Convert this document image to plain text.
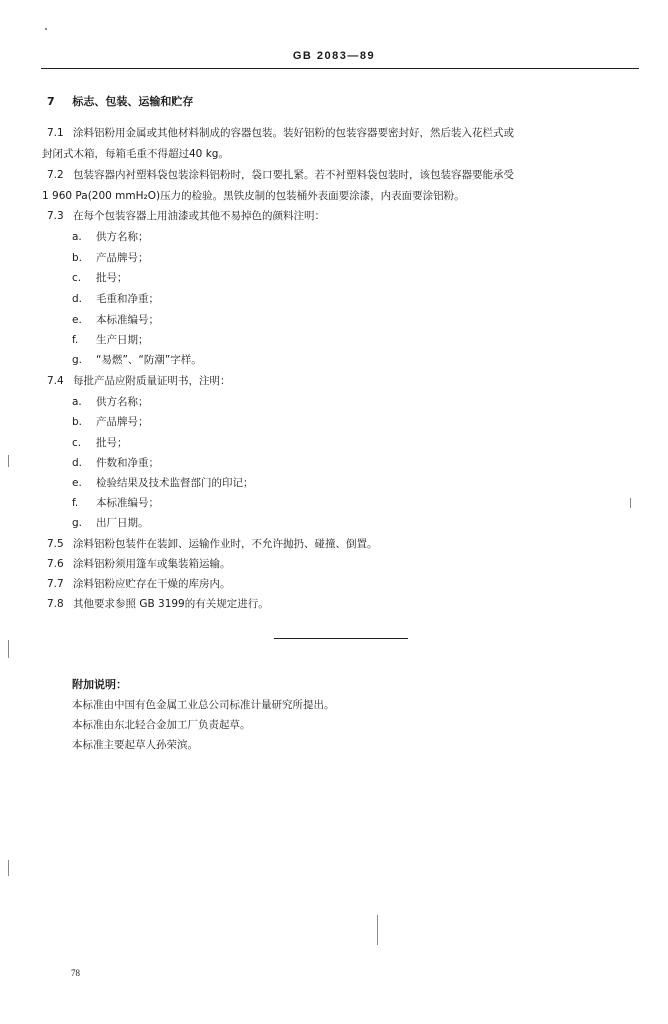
GB 2083—89
7 标志、包装、运输和贮存
7.1 涂料铝粉用金属或其他材料制成的容器包装。装好铝粉的包装容器要密封好，然后装入花栏式或
封闭式木箱，每箱毛重不得超过40 kg。
7.2 包装容器内衬塑料袋包装涂料铝粉时，袋口要扎紧。若不衬塑料袋包装时，该包装容器要能承受
1 960 Pa(200 mmH₂O)压力的检验。黑铁皮制的包装桶外表面要涂漆，内表面要涂铝粉。
7.3 在每个包装容器上用油漆或其他不易掉色的颜料注明：
a. 供方名称；
b. 产品牌号；
c. 批号；
d. 毛重和净重；
e. 本标准编号；
f. 生产日期；
g. “易燃”、“防潮”字样。
7.4 每批产品应附质量证明书，注明：
a. 供方名称；
b. 产品牌号；
c. 批号；
d. 件数和净重；
e. 检验结果及技术监督部门的印记；
f. 本标准编号；
g. 出厂日期。
7.5 涂料铝粉包装件在装卸、运输作业时，不允许抛扔、碰撞、倒置。
7.6 涂料铝粉须用篷车或集装箱运输。
7.7 涂料铝粉应贮存在干燥的库房内。
7.8 其他要求参照 GB 3199的有关规定进行。
附加说明：
本标准由中国有色金属工业总公司标准计量研究所提出。
本标准由东北轻合金加工厂负责起草。
本标准主要起草人孙荣滨。
78
